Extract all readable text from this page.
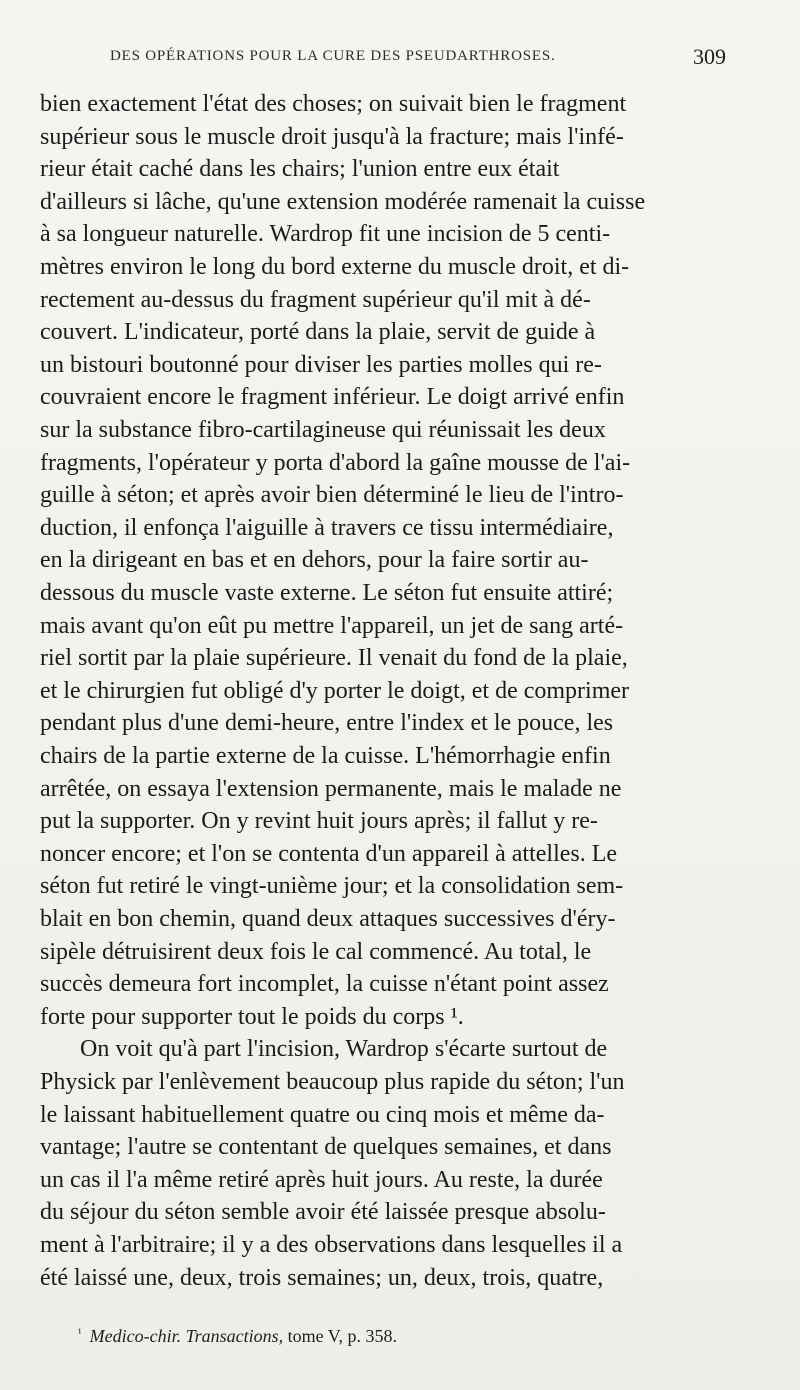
DES OPÉRATIONS POUR LA CURE DES PSEUDARTHROSES.	309
bien exactement l'état des choses; on suivait bien le fragment
supérieur sous le muscle droit jusqu'à la fracture; mais l'infé-
rieur était caché dans les chairs; l'union entre eux était
d'ailleurs si lâche, qu'une extension modérée ramenait la cuisse
à sa longueur naturelle. Wardrop fit une incision de 5 centi-
mètres environ le long du bord externe du muscle droit, et di-
rectement au-dessus du fragment supérieur qu'il mit à dé-
couvert. L'indicateur, porté dans la plaie, servit de guide à
un bistouri boutonné pour diviser les parties molles qui re-
couvraient encore le fragment inférieur. Le doigt arrivé enfin
sur la substance fibro-cartilagineuse qui réunissait les deux
fragments, l'opérateur y porta d'abord la gaîne mousse de l'ai-
guille à séton; et après avoir bien déterminé le lieu de l'intro-
duction, il enfonça l'aiguille à travers ce tissu intermédiaire,
en la dirigeant en bas et en dehors, pour la faire sortir au-
dessous du muscle vaste externe. Le séton fut ensuite attiré;
mais avant qu'on eût pu mettre l'appareil, un jet de sang arté-
riel sortit par la plaie supérieure. Il venait du fond de la plaie,
et le chirurgien fut obligé d'y porter le doigt, et de comprimer
pendant plus d'une demi-heure, entre l'index et le pouce, les
chairs de la partie externe de la cuisse. L'hémorrhagie enfin
arrêtée, on essaya l'extension permanente, mais le malade ne
put la supporter. On y revint huit jours après; il fallut y re-
noncer encore; et l'on se contenta d'un appareil à attelles. Le
séton fut retiré le vingt-unième jour; et la consolidation sem-
blait en bon chemin, quand deux attaques successives d'éry-
sipèle détruisirent deux fois le cal commencé. Au total, le
succès demeura fort incomplet, la cuisse n'étant point assez
forte pour supporter tout le poids du corps ¹.
On voit qu'à part l'incision, Wardrop s'écarte surtout de
Physick par l'enlèvement beaucoup plus rapide du séton; l'un
le laissant habituellement quatre ou cinq mois et même da-
vantage; l'autre se contentant de quelques semaines, et dans
un cas il l'a même retiré après huit jours. Au reste, la durée
du séjour du séton semble avoir été laissée presque absolu-
ment à l'arbitraire; il y a des observations dans lesquelles il a
été laissé une, deux, trois semaines; un, deux, trois, quatre,
$^{^1}$ Medico-chir. Transactions, tome V, p. 358.
